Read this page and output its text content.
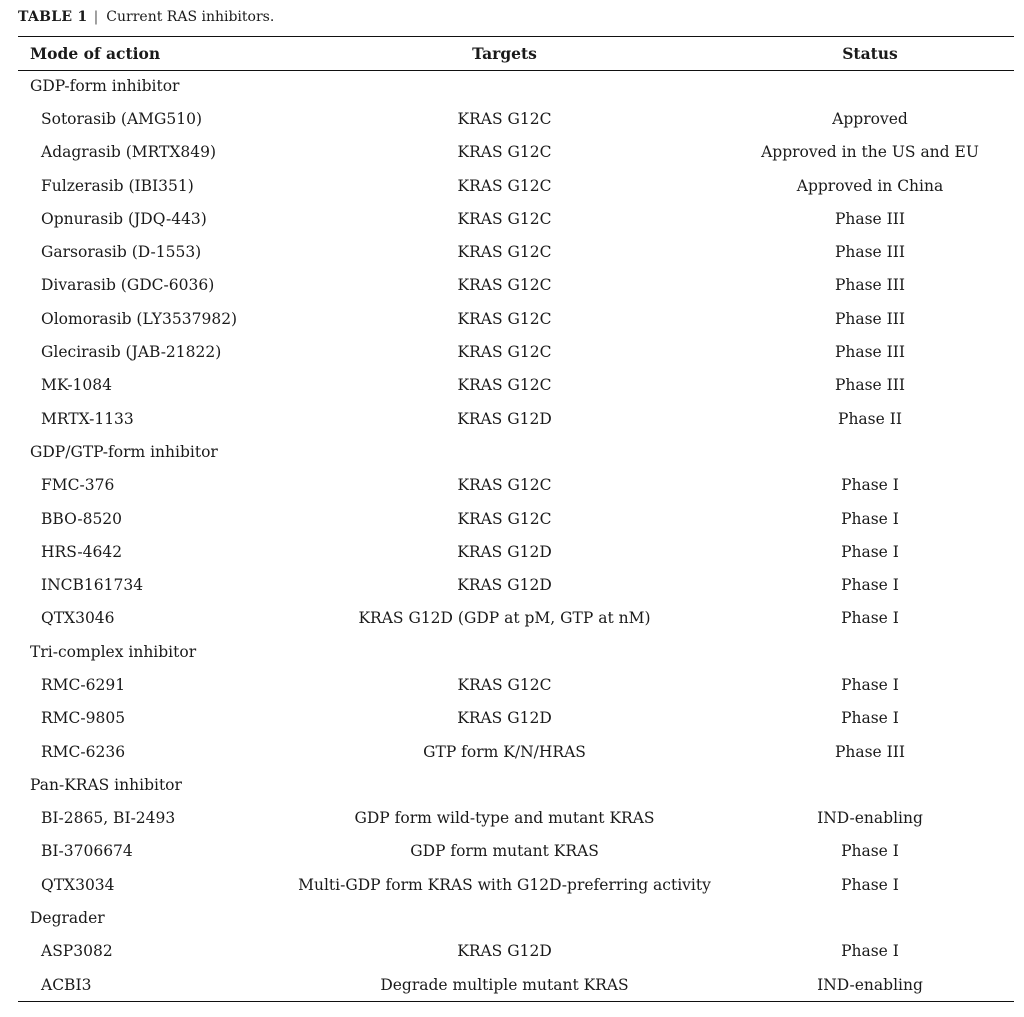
TABLE 1 | Current RAS inhibitors.
Mode of action	Targets	Status
GDP-form inhibitor		
Sotorasib (AMG510)	KRAS G12C	Approved
Adagrasib (MRTX849)	KRAS G12C	Approved in the US and EU
Fulzerasib (IBI351)	KRAS G12C	Approved in China
Opnurasib (JDQ-443)	KRAS G12C	Phase III
Garsorasib (D-1553)	KRAS G12C	Phase III
Divarasib (GDC-6036)	KRAS G12C	Phase III
Olomorasib (LY3537982)	KRAS G12C	Phase III
Glecirasib (JAB-21822)	KRAS G12C	Phase III
MK-1084	KRAS G12C	Phase III
MRTX-1133	KRAS G12D	Phase II
GDP/GTP-form inhibitor		
FMC-376	KRAS G12C	Phase I
BBO-8520	KRAS G12C	Phase I
HRS-4642	KRAS G12D	Phase I
INCB161734	KRAS G12D	Phase I
QTX3046	KRAS G12D (GDP at pM, GTP at nM)	Phase I
Tri-complex inhibitor		
RMC-6291	KRAS G12C	Phase I
RMC-9805	KRAS G12D	Phase I
RMC-6236	GTP form K/N/HRAS	Phase III
Pan-KRAS inhibitor		
BI-2865, BI-2493	GDP form wild-type and mutant KRAS	IND-enabling
BI-3706674	GDP form mutant KRAS	Phase I
QTX3034	Multi-GDP form KRAS with G12D-preferring activity	Phase I
Degrader		
ASP3082	KRAS G12D	Phase I
ACBI3	Degrade multiple mutant KRAS	IND-enabling
